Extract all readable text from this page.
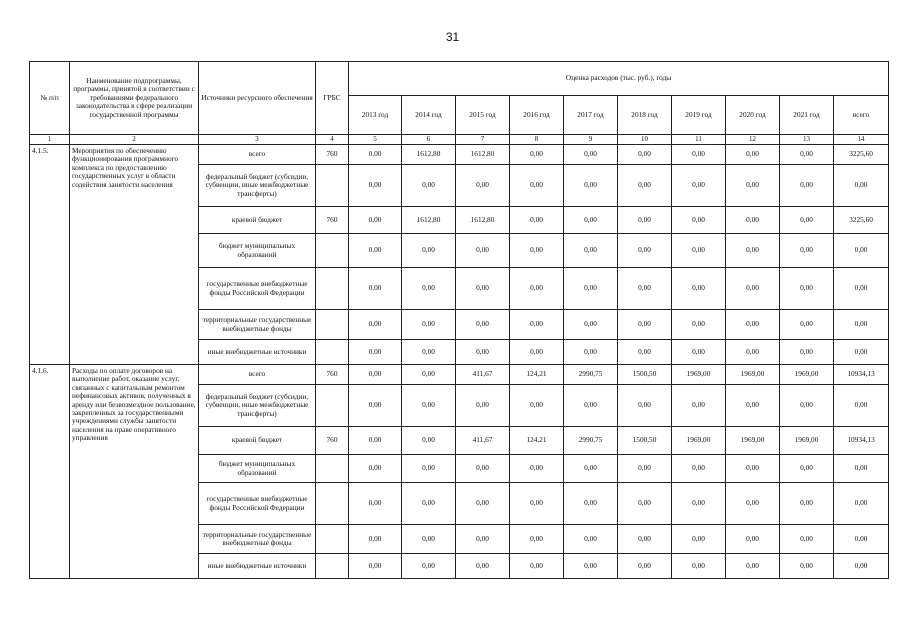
31
№ п/п	Наименование подпрограммы, программы, принятой в соответствии с требованиями федерального законодательства в сфере реализации государственной программы	Источники ресурсного обеспечения	ГРБС	Оценка расходов (тыс. руб.), годы									
				2013 год	2014 год	2015 год	2016 год	2017 год	2018 год	2019 год	2020 год	2021 год	всего
1	2	3	4	5	6	7	8	9	10	11	12	13	14
4.1.5.	Мероприятия по обеспечению функционирования программного комплекса по предоставлению государственных услуг в области содействия занятости населения	всего	760	0,00	1612,80	1612,80	0,00	0,00	0,00	0,00	0,00	0,00	3225,60
		федеральный бюджет (субсидии, субвенции, иные межбюджетные трансферты)		0,00	0,00	0,00	0,00	0,00	0,00	0,00	0,00	0,00	0,00
		краевой бюджет	760	0,00	1612,80	1612,80	0,00	0,00	0,00	0,00	0,00	0,00	3225,60
		бюджет муниципальных образований		0,00	0,00	0,00	0,00	0,00	0,00	0,00	0,00	0,00	0,00
		государственные внебюджетные фонды Российской Федерации		0,00	0,00	0,00	0,00	0,00	0,00	0,00	0,00	0,00	0,00
		территориальные государственные внебюджетные фонды		0,00	0,00	0,00	0,00	0,00	0,00	0,00	0,00	0,00	0,00
		иные внебюджетные источники		0,00	0,00	0,00	0,00	0,00	0,00	0,00	0,00	0,00	0,00
4.1.6.	Расходы по оплате договоров на выполнение работ, оказание услуг, связанных с капитальным ремонтом нефинансовых активов, полученных в аренду или безвозмездное пользование, закрепленных за государственными учреждениями службы занятости населения на праве оперативного управления	всего	760	0,00	0,00	411,67	124,21	2990,75	1500,50	1969,00	1969,00	1969,00	10934,13
		федеральный бюджет (субсидии, субвенции, иные межбюджетные трансферты)		0,00	0,00	0,00	0,00	0,00	0,00	0,00	0,00	0,00	0,00
		краевой бюджет	760	0,00	0,00	411,67	124,21	2990,75	1500,50	1969,00	1969,00	1969,00	10934,13
		бюджет муниципальных образований		0,00	0,00	0,00	0,00	0,00	0,00	0,00	0,00	0,00	0,00
		государственные внебюджетные фонды Российской Федерации		0,00	0,00	0,00	0,00	0,00	0,00	0,00	0,00	0,00	0,00
		территориальные государственные внебюджетные фонды		0,00	0,00	0,00	0,00	0,00	0,00	0,00	0,00	0,00	0,00
		иные внебюджетные источники		0,00	0,00	0,00	0,00	0,00	0,00	0,00	0,00	0,00	0,00
